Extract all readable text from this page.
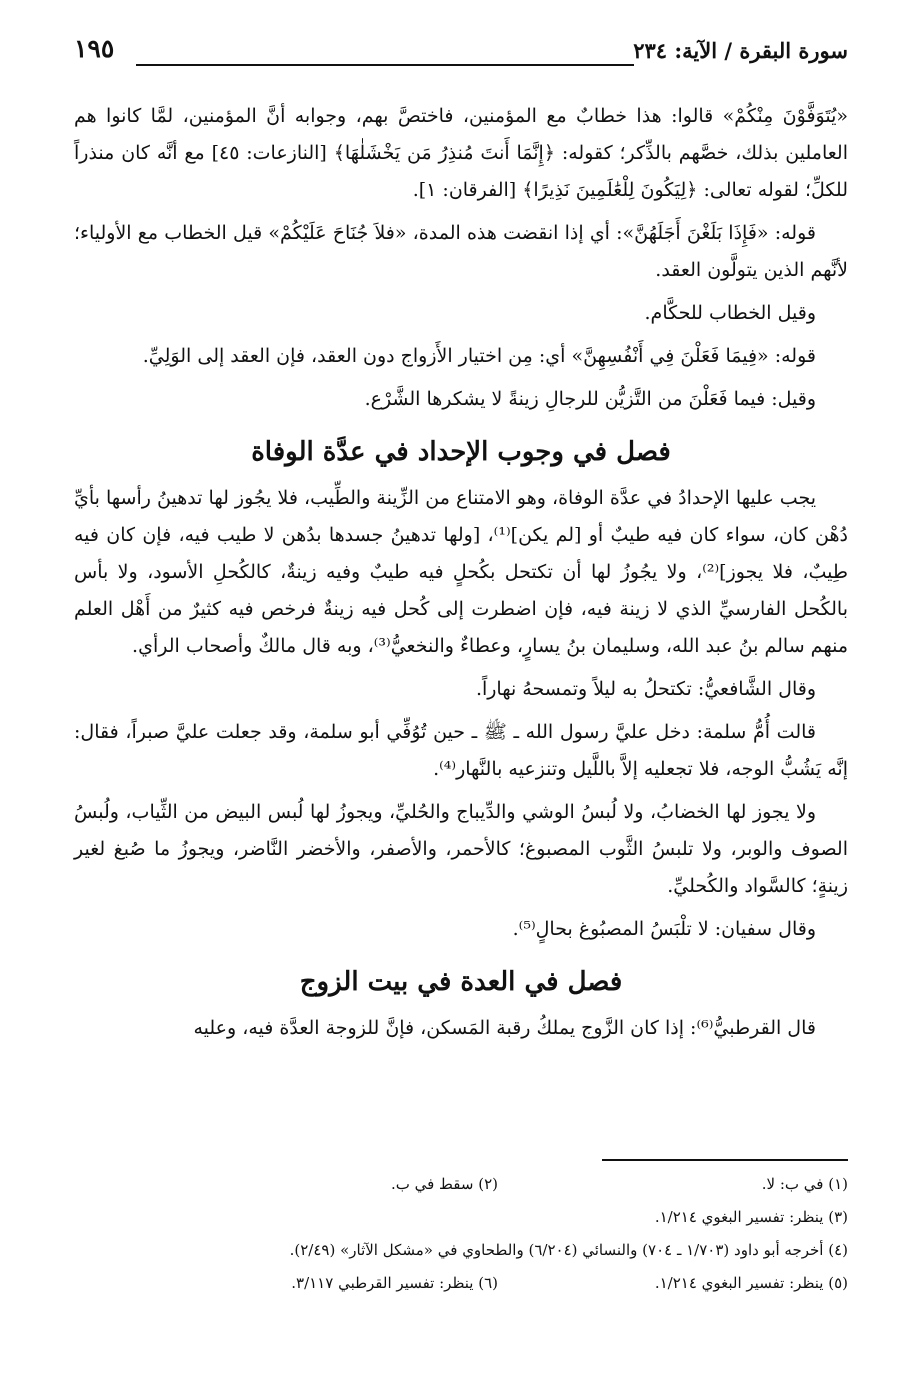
سورة البقرة / الآية: ٢٣٤
١٩٥

«يُتَوَفَّوْنَ مِنْكُمْ» قالوا: هذا خطابٌ مع المؤمنين، فاختصَّ بهم، وجوابه أنَّ المؤمنين، لمَّا كانوا هم العاملين بذلك، خصَّهم بالذِّكر؛ كقوله: ﴿إِنَّمَا أَنتَ مُنذِرُ مَن يَخْشَلٰهَا﴾ [النازعات: ٤٥] مع أنَّه كان منذراً للكلِّ؛ لقوله تعالى: ﴿لِيَكُونَ لِلْعَٰلَمِينَ نَذِيرًا﴾ [الفرقان: ١].

قوله: «فَإِذَا بَلَغْنَ أَجَلَهُنَّ»: أي إذا انقضت هذه المدة، «فلاَ جُنَاحَ عَلَيْكُمْ» قيل الخطاب مع الأولياء؛ لأنَّهم الذين يتولَّون العقد.

وقيل الخطاب للحكَّام.

قوله: «فِيمَا فَعَلْنَ فِي أَنْفُسِهِنَّ» أي: مِن اختيار الأَزواج دون العقد، فإن العقد إلى الوَلِيِّ.

وقيل: فيما فَعَلْنَ من التَّزيُّن للرجالِ زينةً لا يشكرها الشَّرْع.

فصل في وجوب الإحداد في عدَّة الوفاة

يجب عليها الإحدادُ في عدَّة الوفاة، وهو الامتناع من الزِّينة والطِّيب، فلا يجُوز لها تدهينُ رأسها بأيِّ دُهْن كان، سواء كان فيه طيبٌ أو [لم يكن]⁽¹⁾، [ولها تدهينُ جسدها بدُهن لا طيب فيه، فإن كان فيه طِيبٌ، فلا يجوز]⁽²⁾، ولا يجُوزُ لها أن تكتحل بكُحلٍ فيه طيبٌ وفيه زينةٌ، كالكُحلِ الأسود، ولا بأس بالكُحل الفارسيِّ الذي لا زينة فيه، فإن اضطرت إلى كُحل فيه زينةٌ فرخص فيه كثيرٌ من أَهْل العلم منهم سالم بنُ عبد الله، وسليمان بنُ يسارٍ، وعطاءٌ والنخعيُّ⁽³⁾، وبه قال مالكٌ وأصحاب الرأي.

وقال الشَّافعيُّ: تكتحلُ به ليلاً وتمسحهُ نهاراً.

قالت أُمُّ سلمة: دخل عليَّ رسول الله ـ ﷺ ـ حين تُوُفِّي أبو سلمة، وقد جعلت عليَّ صبراً، فقال: إنَّه يَشُبُّ الوجه، فلا تجعليه إلاَّ باللَّيل وتنزعيه بالنَّهار⁽⁴⁾.

ولا يجوز لها الخضابُ، ولا لُبسُ الوشي والدِّيباج والحُليِّ، ويجوزُ لها لُبس البيض من الثِّياب، ولُبسُ الصوف والوبر، ولا تلبسُ الثَّوب المصبوغ؛ كالأحمر، والأصفر، والأخضر النَّاضر، ويجوزُ ما صُبغ لغير زينةٍ؛ كالسَّواد والكُحليِّ.

وقال سفيان: لا تلْبَسُ المصبُوغ بحالٍ⁽⁵⁾.

فصل في العدة في بيت الزوج

قال القرطبيُّ⁽⁶⁾: إذا كان الزَّوج يملكُ رقبة المَسكن، فإنَّ للزوجة العدَّة فيه، وعليه

(١) في ب: لا.
(٢) سقط في ب.
(٣) ينظر: تفسير البغوي ١/٢١٤.
(٤) أخرجه أبو داود (١/٧٠٣ ـ ٧٠٤) والنسائي (٦/٢٠٤) والطحاوي في «مشكل الآثار» (٢/٤٩).
(٥) ينظر: تفسير البغوي ١/٢١٤.
(٦) ينظر: تفسير القرطبي ٣/١١٧.
